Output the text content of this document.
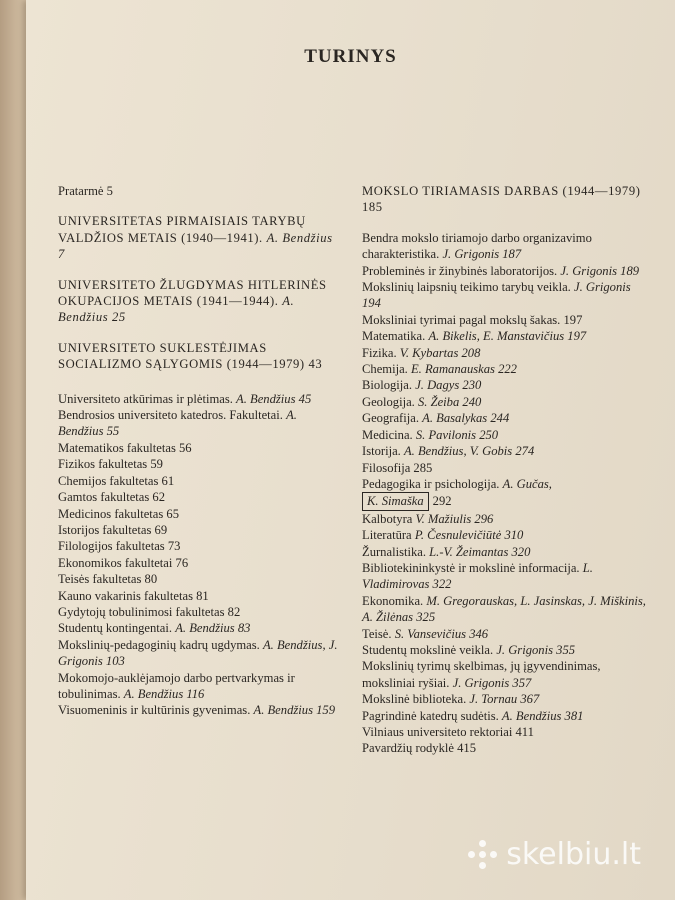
TURINYS

Pratarmė 5

UNIVERSITETAS PIRMAISIAIS TARYBŲ VALDŽIOS METAIS (1940—1941). A. Bendžius 7

UNIVERSITETO ŽLUGDYMAS HITLERINĖS OKUPACIJOS METAIS (1941—1944). A. Bendžius 25

UNIVERSITETO SUKLESTĖJIMAS SOCIALIZMO SĄLYGOMIS (1944—1979) 43

Universiteto atkūrimas ir plėtimas. A. Bendžius 45

Bendrosios universiteto katedros. Fakultetai. A. Bendžius 55

Matematikos fakultetas 56

Fizikos fakultetas 59

Chemijos fakultetas 61

Gamtos fakultetas 62

Medicinos fakultetas 65

Istorijos fakultetas 69

Filologijos fakultetas 73

Ekonomikos fakultetai 76

Teisės fakultetas 80

Kauno vakarinis fakultetas 81

Gydytojų tobulinimosi fakultetas 82

Studentų kontingentai. A. Bendžius 83

Mokslinių-pedagoginių kadrų ugdymas. A. Bendžius, J. Grigonis 103

Mokomojo-auklėjamojo darbo pertvarkymas ir tobulinimas. A. Bendžius 116

Visuomeninis ir kultūrinis gyvenimas. A. Bendžius 159

MOKSLO TIRIAMASIS DARBAS (1944—1979) 185

Bendra mokslo tiriamojo darbo organizavimo charakteristika. J. Grigonis 187

Probleminės ir žinybinės laboratorijos. J. Grigonis 189

Mokslinių laipsnių teikimo tarybų veikla. J. Grigonis 194

Moksliniai tyrimai pagal mokslų šakas. 197

Matematika. A. Bikelis, E. Manstavičius 197

Fizika. V. Kybartas 208

Chemija. E. Ramanauskas 222

Biologija. J. Dagys 230

Geologija. S. Žeiba 240

Geografija. A. Basalykas 244

Medicina. S. Pavilonis 250

Istorija. A. Bendžius, V. Gobis 274

Filosofija 285

Pedagogika ir psichologija. A. Gučas,

K. Simaška 292

Kalbotyra V. Mažiulis 296

Literatūra P. Česnulevičiūtė 310

Žurnalistika. L.-V. Žeimantas 320

Bibliotekininkystė ir mokslinė informacija. L. Vladimirovas 322

Ekonomika. M. Gregorauskas, L. Jasinskas, J. Miškinis, A. Žilėnas 325

Teisė. S. Vansevičius 346

Studentų mokslinė veikla. J. Grigonis 355

Mokslinių tyrimų skelbimas, jų įgyvendinimas, moksliniai ryšiai. J. Grigonis 357

Mokslinė biblioteka. J. Tornau 367

Pagrindinė katedrų sudėtis. A. Bendžius 381

Vilniaus universiteto rektoriai 411

Pavardžių rodyklė 415

skelbiu.lt
